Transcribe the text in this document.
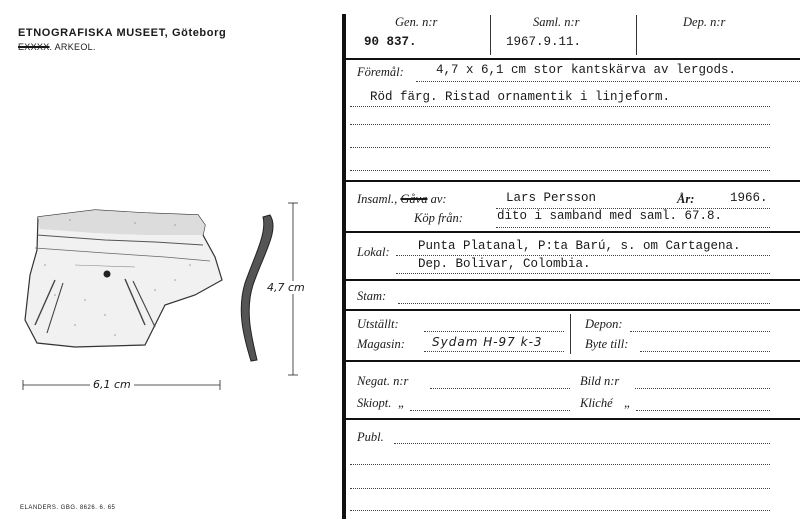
ETNOGRAFISKA MUSEET, Göteborg
EXXXX. ARKEOL.
4,7 cm
6,1 cm
ELANDERS. GBG. 8626. 6. 65
Gen. n:r
90 837.
Saml. n:r
1967.9.11.
Dep. n:r
Föremål:	4,7 x 6,1 cm stor kantskärva av lergods.
Röd färg. Ristad ornamentik i linjeform.
Insaml., Gåva av:	Lars Persson	År:	1966.
Köp från:	dito i samband med saml. 67.8.
Lokal: Punta Platanal, P:ta Barú, s. om Cartagena.
Dep. Bolivar, Colombia.
Stam:
Utställt:
Magasin: Sydam H-97 k-3
Depon:
Byte till:
Negat. n:r	Bild n:r
Skiopt. „	Kliché „
Publ.
